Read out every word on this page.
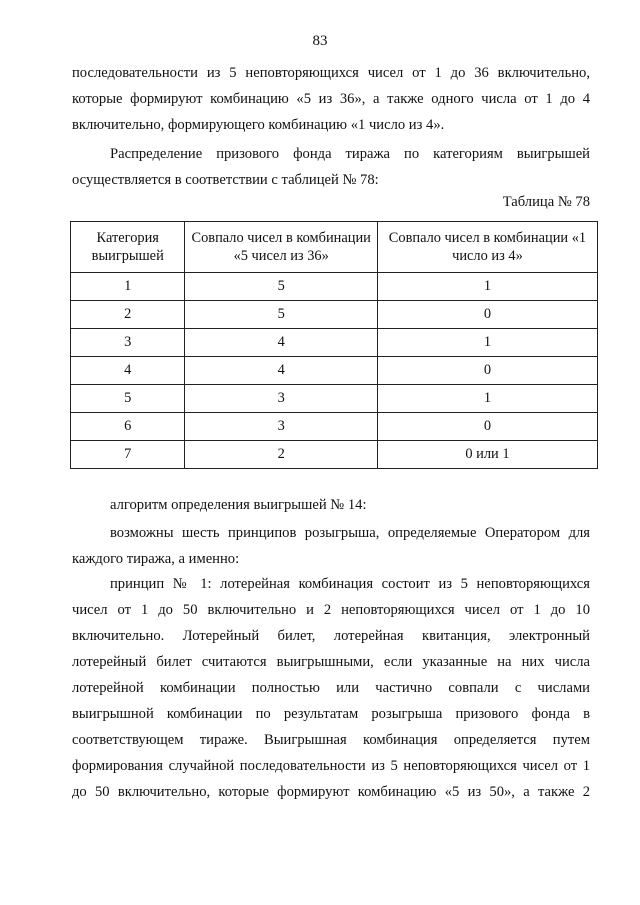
83

последовательности из 5 неповторяющихся чисел от 1 до 36 включительно,
которые формируют комбинацию «5 из 36», а также одного числа от 1 до 4
включительно, формирующего комбинацию «1 число из 4».

Распределение призового фонда тиража по категориям выигрышей
осуществляется в соответствии с таблицей № 78:

Таблица № 78
Категория выигрышей	Совпало чисел в комбинации «5 чисел из 36»	Совпало чисел в комбинации «1 число из 4»
1	5	1
2	5	0
3	4	1
4	4	0
5	3	1
6	3	0
7	2	0 или 1

алгоритм определения выигрышей № 14:

возможны шесть принципов розыгрыша, определяемые Оператором для
каждого тиража, а именно:

принцип № 1: лотерейная комбинация состоит из 5 неповторяющихся
чисел от 1 до 50 включительно и 2 неповторяющихся чисел от 1 до 10
включительно. Лотерейный билет, лотерейная квитанция, электронный
лотерейный билет считаются выигрышными, если указанные на них числа
лотерейной комбинации полностью или частично совпали с числами
выигрышной комбинации по результатам розыгрыша призового фонда в
соответствующем тираже. Выигрышная комбинация определяется путем
формирования случайной последовательности из 5 неповторяющихся чисел от 1
до 50 включительно, которые формируют комбинацию «5 из 50», а также 2
